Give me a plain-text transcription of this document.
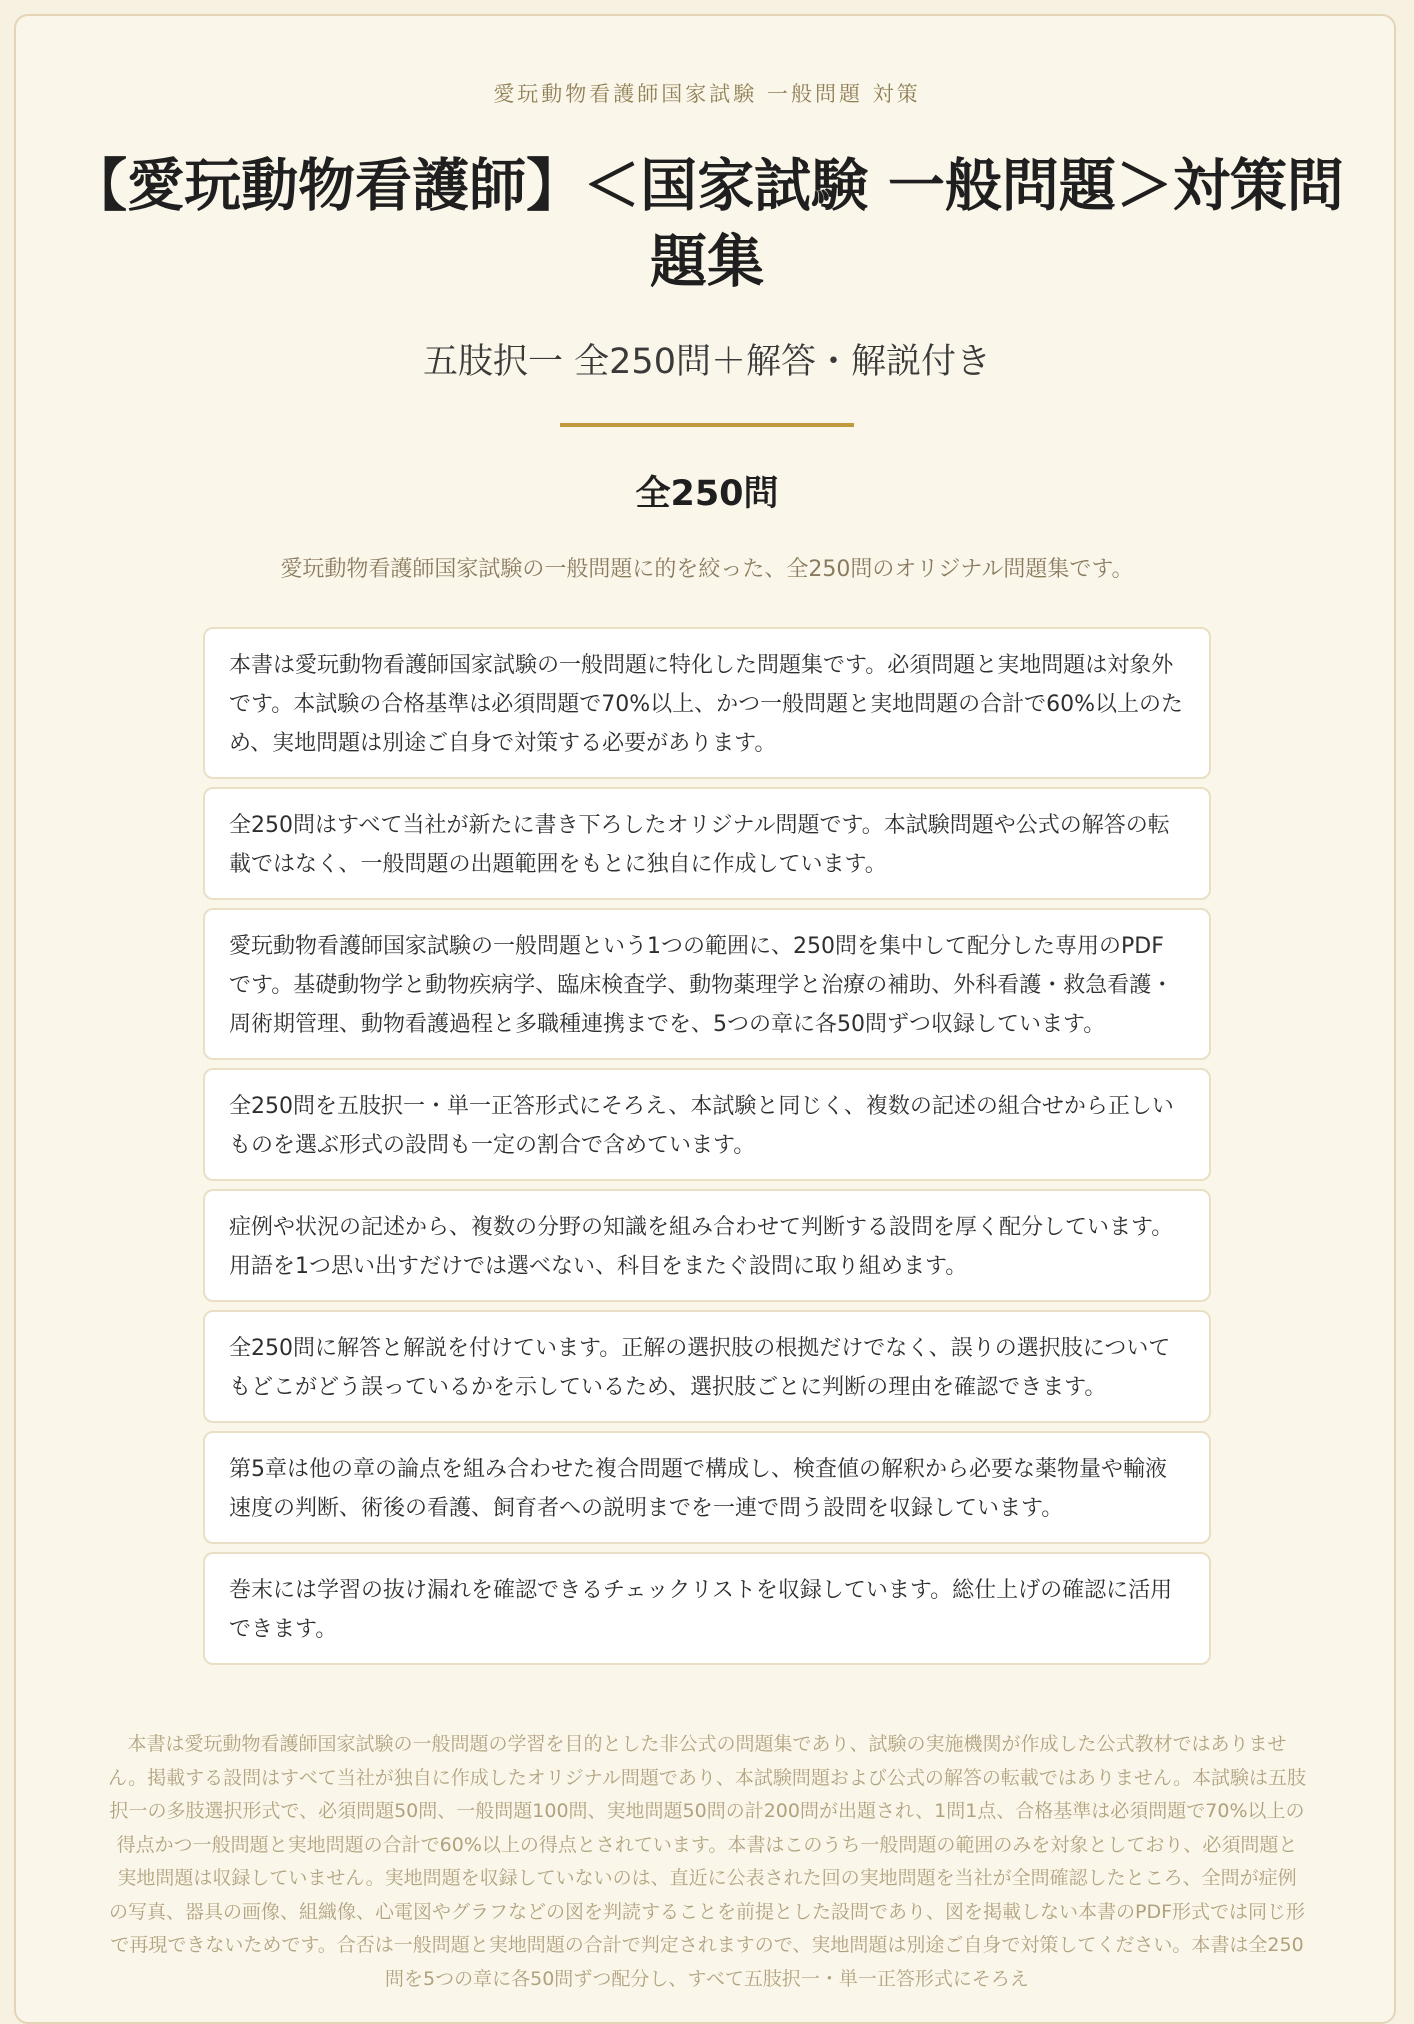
愛玩動物看護師国家試験 一般問題 対策
【愛玩動物看護師】＜国家試験 一般問題＞対策問題集
五肢択一 全250問＋解答・解説付き
全250問
愛玩動物看護師国家試験の一般問題に的を絞った、全250問のオリジナル問題集です。
本書は愛玩動物看護師国家試験の一般問題に特化した問題集です。必須問題と実地問題は対象外です。本試験の合格基準は必須問題で70%以上、かつ一般問題と実地問題の合計で60%以上のため、実地問題は別途ご自身で対策する必要があります。
全250問はすべて当社が新たに書き下ろしたオリジナル問題です。本試験問題や公式の解答の転載ではなく、一般問題の出題範囲をもとに独自に作成しています。
愛玩動物看護師国家試験の一般問題という1つの範囲に、250問を集中して配分した専用のPDFです。基礎動物学と動物疾病学、臨床検査学、動物薬理学と治療の補助、外科看護・救急看護・周術期管理、動物看護過程と多職種連携までを、5つの章に各50問ずつ収録しています。
全250問を五肢択一・単一正答形式にそろえ、本試験と同じく、複数の記述の組合せから正しいものを選ぶ形式の設問も一定の割合で含めています。
症例や状況の記述から、複数の分野の知識を組み合わせて判断する設問を厚く配分しています。用語を1つ思い出すだけでは選べない、科目をまたぐ設問に取り組めます。
全250問に解答と解説を付けています。正解の選択肢の根拠だけでなく、誤りの選択肢についてもどこがどう誤っているかを示しているため、選択肢ごとに判断の理由を確認できます。
第5章は他の章の論点を組み合わせた複合問題で構成し、検査値の解釈から必要な薬物量や輸液速度の判断、術後の看護、飼育者への説明までを一連で問う設問を収録しています。
巻末には学習の抜け漏れを確認できるチェックリストを収録しています。総仕上げの確認に活用できます。
本書は愛玩動物看護師国家試験の一般問題の学習を目的とした非公式の問題集であり、試験の実施機関が作成した公式教材ではありません。掲載する設問はすべて当社が独自に作成したオリジナル問題であり、本試験問題および公式の解答の転載ではありません。本試験は五肢択一の多肢選択形式で、必須問題50問、一般問題100問、実地問題50問の計200問が出題され、1問1点、合格基準は必須問題で70%以上の得点かつ一般問題と実地問題の合計で60%以上の得点とされています。本書はこのうち一般問題の範囲のみを対象としており、必須問題と実地問題は収録していません。実地問題を収録していないのは、直近に公表された回の実地問題を当社が全問確認したところ、全問が症例の写真、器具の画像、組織像、心電図やグラフなどの図を判読することを前提とした設問であり、図を掲載しない本書のPDF形式では同じ形で再現できないためです。合否は一般問題と実地問題の合計で判定されますので、実地問題は別途ご自身で対策してください。本書は全250問を5つの章に各50問ずつ配分し、すべて五肢択一・単一正答形式にそろえ
